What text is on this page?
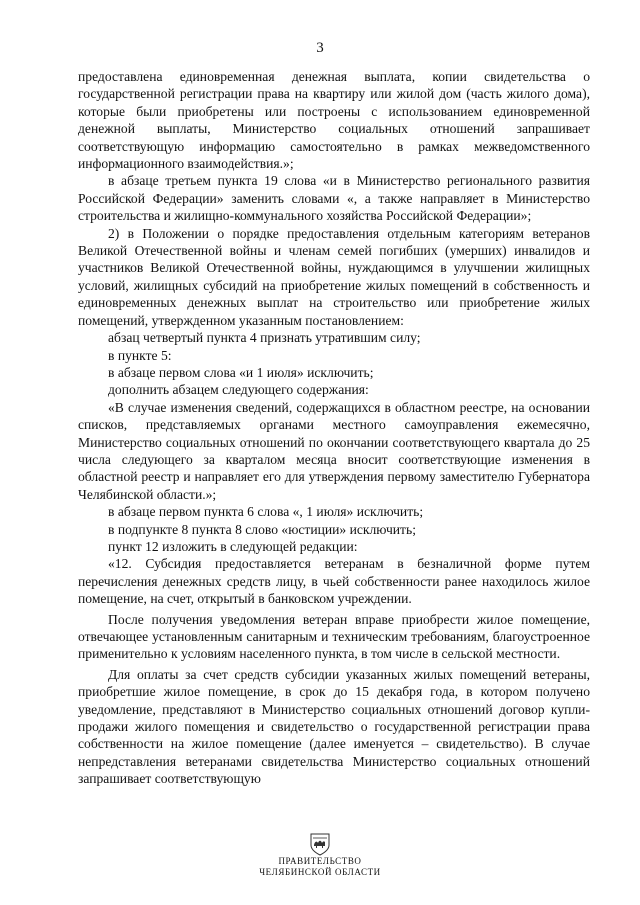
3

предоставлена единовременная денежная выплата, копии свидетельства о государственной регистрации права на квартиру или жилой дом (часть жилого дома), которые были приобретены или построены с использованием единовременной денежной выплаты, Министерство социальных отношений запрашивает соответствующую информацию самостоятельно в рамках межведомственного информационного взаимодействия.»;

в абзаце третьем пункта 19 слова «и в Министерство регионального развития Российской Федерации» заменить словами «, а также направляет в Министерство строительства и жилищно-коммунального хозяйства Российской Федерации»;

2) в Положении о порядке предоставления отдельным категориям ветеранов Великой Отечественной войны и членам семей погибших (умерших) инвалидов и участников Великой Отечественной войны, нуждающимся в улучшении жилищных условий, жилищных субсидий на приобретение жилых помещений в собственность и единовременных денежных выплат на строительство или приобретение жилых помещений, утвержденном указанным постановлением:

абзац четвертый пункта 4 признать утратившим силу;

в пункте 5:

в абзаце первом слова «и 1 июля» исключить;

дополнить абзацем следующего содержания:

«В случае изменения сведений, содержащихся в областном реестре, на основании списков, представляемых органами местного самоуправления ежемесячно, Министерство социальных отношений по окончании соответствующего квартала до 25 числа следующего за кварталом месяца вносит соответствующие изменения в областной реестр и направляет его для утверждения первому заместителю Губернатора Челябинской области.»;

в абзаце первом пункта 6 слова «, 1 июля» исключить;

в подпункте 8 пункта 8 слово «юстиции» исключить;

пункт 12 изложить в следующей редакции:

«12. Субсидия предоставляется ветеранам в безналичной форме путем перечисления денежных средств лицу, в чьей собственности ранее находилось жилое помещение, на счет, открытый в банковском учреждении.

После получения уведомления ветеран вправе приобрести жилое помещение, отвечающее установленным санитарным и техническим требованиям, благоустроенное применительно к условиям населенного пункта, в том числе в сельской местности.

Для оплаты за счет средств субсидии указанных жилых помещений ветераны, приобретшие жилое помещение, в срок до 15 декабря года, в котором получено уведомление, представляют в Министерство социальных отношений договор купли-продажи жилого помещения и свидетельство о государственной регистрации права собственности на жилое помещение (далее именуется – свидетельство). В случае непредставления ветеранами свидетельства Министерство социальных отношений запрашивает соответствующую

ПРАВИТЕЛЬСТВО
ЧЕЛЯБИНСКОЙ ОБЛАСТИ
